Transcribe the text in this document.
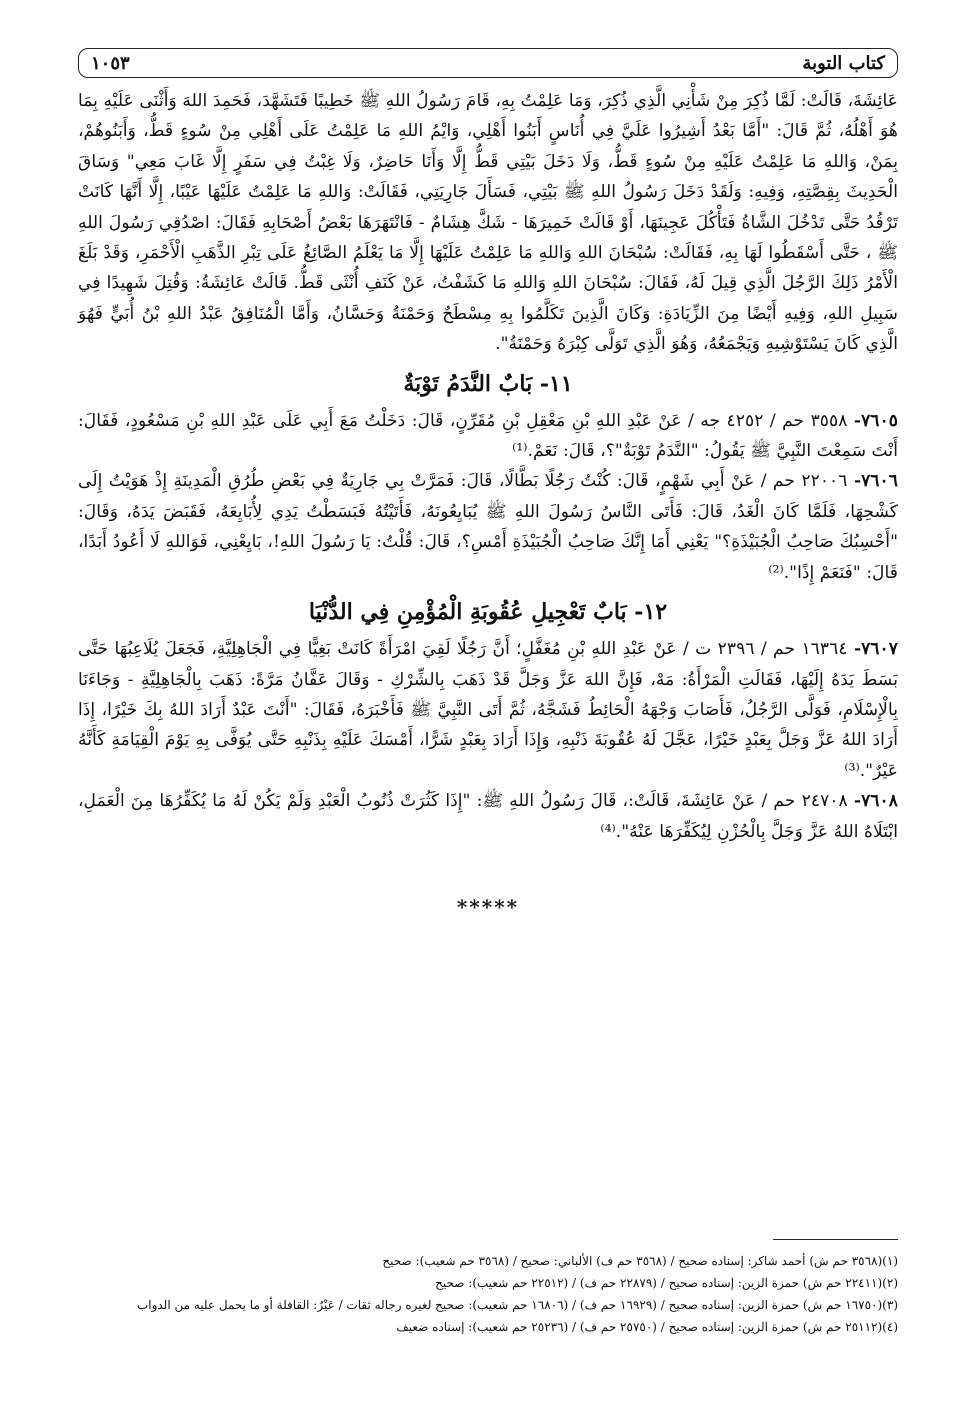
كتاب التوبة
١٠٥٣

عَائِشَةَ، قَالَتْ: لَمَّا ذُكِرَ مِنْ شَأْنِي الَّذِي ذُكِرَ، وَمَا عَلِمْتُ بِهِ، قَامَ رَسُولُ اللهِ ﷺ خَطِيبًا فَتَشَهَّدَ، فَحَمِدَ اللهَ وَأَثْنَى عَلَيْهِ بِمَا هُوَ أَهْلُهُ، ثُمَّ قَالَ: "أَمَّا بَعْدُ أَشِيرُوا عَلَيَّ فِي أُنَاسٍ أَبَنُوا أَهْلِي، وَايْمُ اللهِ مَا عَلِمْتُ عَلَى أَهْلِي مِنْ سُوءٍ قَطُّ، وَأَبَنُوهُمْ، بِمَنْ، وَاللهِ مَا عَلِمْتُ عَلَيْهِ مِنْ سُوءٍ قَطُّ، وَلَا دَخَلَ بَيْتِي قَطُّ إِلَّا وَأَنَا حَاضِرٌ، وَلَا غِبْتُ فِي سَفَرٍ إِلَّا غَابَ مَعِي" وَسَاقَ الْحَدِيثَ بِقِصَّتِهِ، وَفِيهِ: وَلَقَدْ دَخَلَ رَسُولُ اللهِ ﷺ بَيْتِي، فَسَأَلَ جَارِيَتِي، فَقَالَتْ: وَاللهِ مَا عَلِمْتُ عَلَيْهَا عَيْبًا، إِلَّا أَنَّهَا كَانَتْ تَرْقُدُ حَتَّى تَدْخُلَ الشَّاةُ فَتَأْكُلَ عَجِينَهَا، أَوْ قَالَتْ خَمِيرَهَا - شَكَّ هِشَامٌ - فَانْتَهَرَهَا بَعْضُ أَصْحَابِهِ فَقَالَ: اصْدُقِي رَسُولَ اللهِ ﷺ ، حَتَّى أَسْقَطُوا لَهَا بِهِ، فَقَالَتْ: سُبْحَانَ اللهِ وَاللهِ مَا عَلِمْتُ عَلَيْهَا إِلَّا مَا يَعْلَمُ الصَّائِغُ عَلَى تِبْرِ الذَّهَبِ الْأَحْمَرِ، وَقَدْ بَلَغَ الْأَمْرُ ذَلِكَ الرَّجُلَ الَّذِي قِيلَ لَهُ، فَقَالَ: سُبْحَانَ اللهِ وَاللهِ مَا كَشَفْتُ، عَنْ كَنَفِ أُنْثَى قَطُّ. قَالَتْ عَائِشَةُ: وَقُتِلَ شَهِيدًا فِي سَبِيلِ اللهِ، وَفِيهِ أَيْضًا مِنَ الزِّيَادَةِ: وَكَانَ الَّذِينَ تَكَلَّمُوا بِهِ مِسْطَحٌ وَحَمْنَةُ وَحَسَّانُ، وَأَمَّا الْمُنَافِقُ عَبْدُ اللهِ بْنُ أُبَيٍّ فَهُوَ الَّذِي كَانَ يَسْتَوْشِيهِ وَيَجْمَعُهُ، وَهُوَ الَّذِي تَوَلَّى كِبْرَهُ وَحَمْنَةُ".

١١- بَابٌ النَّدَمُ تَوْبَةٌ

٧٦٠٥- ٣٥٥٨ حم / ٤٢٥٢ جه / عَنْ عَبْدِ اللهِ بْنِ مَعْقِلِ بْنِ مُقَرِّنٍ، قَالَ: دَخَلْتُ مَعَ أَبِي عَلَى عَبْدِ اللهِ بْنِ مَسْعُودٍ، فَقَالَ: أَنْتَ سَمِعْتَ النَّبِيَّ ﷺ يَقُولُ: "النَّدَمُ تَوْبَةٌ"؟، قَالَ: نَعَمْ.⁽¹⁾

٧٦٠٦- ٢٢٠٠٦ حم / عَنْ أَبِي شَهْمٍ، قَالَ: كُنْتُ رَجُلًا بَطَّالًا، قَالَ: فَمَرَّتْ بِي جَارِيَةٌ فِي بَعْضِ طُرُقِ الْمَدِينَةِ إِذْ هَوَيْتُ إِلَى كَشْحِهَا، فَلَمَّا كَانَ الْغَدُ، قَالَ: فَأَتَى النَّاسُ رَسُولَ اللهِ ﷺ يُبَايِعُونَهُ، فَأَتَيْتُهُ فَبَسَطْتُ يَدِي لِأُبَايِعَهُ، فَقَبَضَ يَدَهُ، وَقَالَ: "أَحْسِبُكَ صَاحِبُ الْجُبَيْذَةِ؟" يَعْنِي أَمَا إِنَّكَ صَاحِبُ الْجُبَيْذَةِ أَمْسِ؟، قَالَ: قُلْتُ: يَا رَسُولَ اللهِ!، بَايِعْنِي، فَوَاللهِ لَا أَعُودُ أَبَدًا، قَالَ: "فَنَعَمْ إِذًا".⁽²⁾

١٢- بَابٌ تَعْجِيلِ عُقُوبَةِ الْمُؤْمِنِ فِي الدُّنْيَا

٧٦٠٧- ١٦٣٦٤ حم / ٢٣٩٦ ت / عَنْ عَبْدِ اللهِ بْنِ مُغَفَّلٍ؛ أَنَّ رَجُلًا لَقِيَ امْرَأَةً كَانَتْ بَغِيًّا فِي الْجَاهِلِيَّةِ، فَجَعَلَ يُلَاعِبُهَا حَتَّى بَسَطَ يَدَهُ إِلَيْهَا، فَقَالَتِ الْمَرْأَةُ: مَهْ، فَإِنَّ اللهَ عَزَّ وَجَلَّ قَدْ ذَهَبَ بِالشِّرْكِ - وَقَالَ عَفَّانُ مَرَّةً: ذَهَبَ بِالْجَاهِلِيَّةِ - وَجَاءَنَا بِالْإِسْلَامِ، فَوَلَّى الرَّجُلُ، فَأَصَابَ وَجْهَهُ الْحَائِطُ فَشَجَّهُ، ثُمَّ أَتَى النَّبِيَّ ﷺ فَأَخْبَرَهُ، فَقَالَ: "أَنْتَ عَبْدٌ أَرَادَ اللهُ بِكَ خَيْرًا، إِذَا أَرَادَ اللهُ عَزَّ وَجَلَّ بِعَبْدٍ خَيْرًا، عَجَّلَ لَهُ عُقُوبَةَ ذَنْبِهِ، وَإِذَا أَرَادَ بِعَبْدٍ شَرًّا، أَمْسَكَ عَلَيْهِ بِذَنْبِهِ حَتَّى يُوَفَّى بِهِ يَوْمَ الْقِيَامَةِ كَأَنَّهُ عَيْرٌ".⁽³⁾

٧٦٠٨- ٢٤٧٠٨ حم / عَنْ عَائِشَةَ، قَالَتْ:، قَالَ رَسُولُ اللهِ ﷺ: "إِذَا كَثُرَتْ ذُنُوبُ الْعَبْدِ وَلَمْ يَكُنْ لَهُ مَا يُكَفِّرُهَا مِنَ الْعَمَلِ، ابْتَلَاهُ اللهُ عَزَّ وَجَلَّ بِالْحُزْنِ لِيُكَفِّرَهَا عَنْهُ".⁽⁴⁾

*****

(١)(٣٥٦٨ حم ش) أحمد شاكر: إسناده صحيح / (٣٥٦٨ حم ف) الألباني: صحيح / (٣٥٦٨ حم شعيب): صحيح

(٢)(٢٢٤١١ حم ش) حمزة الزين: إسناده صحيح / (٢٢٨٧٩ حم ف) / (٢٢٥١٢ حم شعيب): صحيح

(٣)(١٦٧٥٠ حم ش) حمزة الزين: إسناده صحيح / (١٦٩٢٩ حم ف) / (١٦٨٠٦ حم شعيب): صحيح لغيره رجاله ثقات / عَيْرٌ: القافلة أو ما يحمل عليه من الدواب

(٤)(٢٥١١٢ حم ش) حمزة الزين: إسناده صحيح / (٢٥٧٥٠ حم ف) / (٢٥٢٣٦ حم شعيب): إسناده ضعيف
